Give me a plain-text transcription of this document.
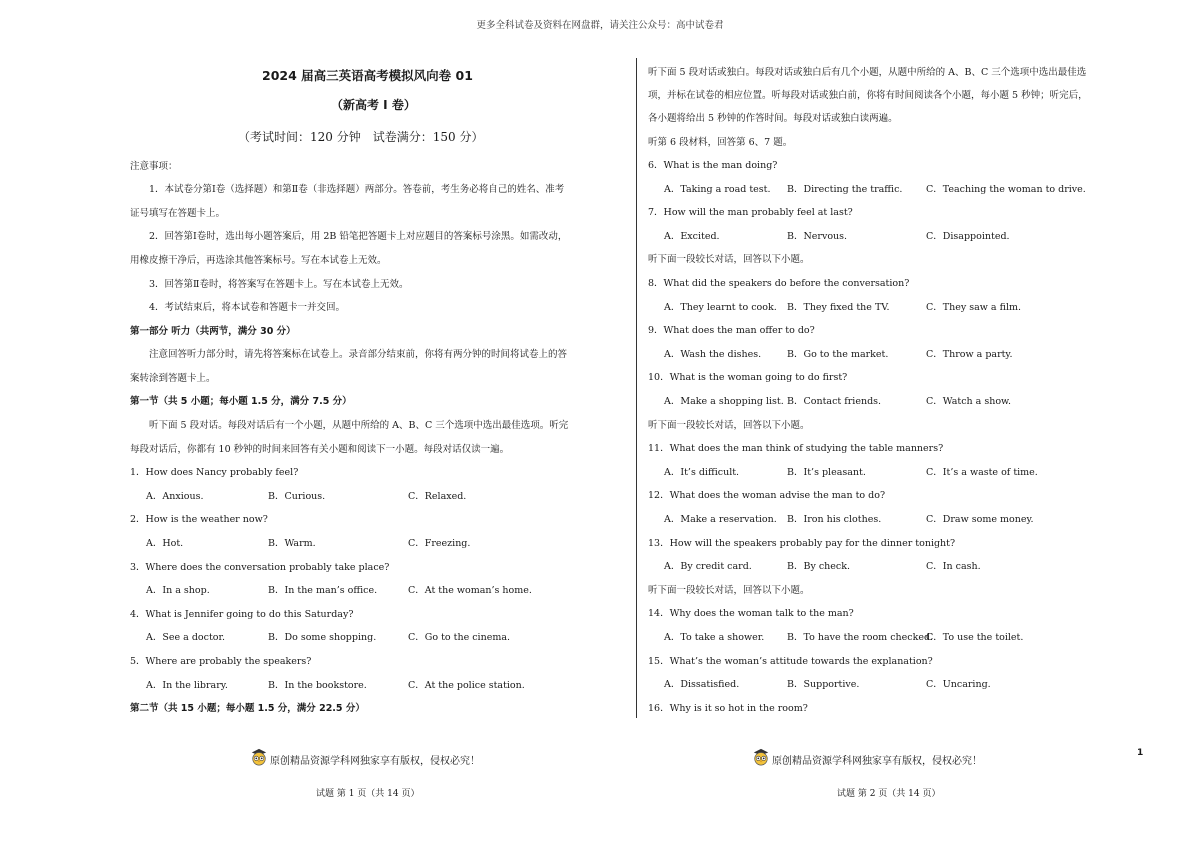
更多全科试卷及资料在网盘群，请关注公众号：高中试卷君
2024 届高三英语高考模拟风向卷 01
（新高考 I 卷）
（考试时间：120 分钟　试卷满分：150 分）
注意事项：
1．本试卷分第Ⅰ卷（选择题）和第Ⅱ卷（非选择题）两部分。答卷前，考生务必将自己的姓名、准考
证号填写在答题卡上。
2．回答第Ⅰ卷时，选出每小题答案后，用 2B 铅笔把答题卡上对应题目的答案标号涂黑。如需改动，
用橡皮擦干净后，再选涂其他答案标号。写在本试卷上无效。
3．回答第Ⅱ卷时，将答案写在答题卡上。写在本试卷上无效。
4．考试结束后，将本试卷和答题卡一并交回。
第一部分 听力（共两节，满分 30 分）
注意回答听力部分时，请先将答案标在试卷上。录音部分结束前，你将有两分钟的时间将试卷上的答
案转涂到答题卡上。
第一节（共 5 小题；每小题 1.5 分，满分 7.5 分）
听下面 5 段对话。每段对话后有一个小题，从题中所给的 A、B、C 三个选项中选出最佳选项。听完
每段对话后，你都有 10 秒钟的时间来回答有关小题和阅读下一小题。每段对话仅读一遍。
1．How does Nancy probably feel?
A．Anxious.	B．Curious.	C．Relaxed.
2．How is the weather now?
A．Hot.	B．Warm.	C．Freezing.
3．Where does the conversation probably take place?
A．In a shop.	B．In the man’s office.	C．At the woman’s home.
4．What is Jennifer going to do this Saturday?
A．See a doctor.	B．Do some shopping.	C．Go to the cinema.
5．Where are probably the speakers?
A．In the library.	B．In the bookstore.	C．At the police station.
第二节（共 15 小题；每小题 1.5 分，满分 22.5 分）
原创精品资源学科网独家享有版权，侵权必究！
试题 第 1 页（共 14 页）
听下面 5 段对话或独白。每段对话或独白后有几个小题，从题中所给的 A、B、C 三个选项中选出最佳选
项，并标在试卷的相应位置。听每段对话或独白前，你将有时间阅读各个小题，每小题 5 秒钟；听完后，
各小题将给出 5 秒钟的作答时间。每段对话或独白读两遍。
听第 6 段材料，回答第 6、7 题。
6．What is the man doing?
A．Taking a road test. B．Directing the traffic. C．Teaching the woman to drive.
7．How will the man probably feel at last?
A．Excited.	B．Nervous.	C．Disappointed.
听下面一段较长对话，回答以下小题。
8．What did the speakers do before the conversation?
A．They learnt to cook. B．They fixed the TV.	C．They saw a film.
9．What does the man offer to do?
A．Wash the dishes.	B．Go to the market.	C．Throw a party.
10．What is the woman going to do first?
A．Make a shopping list. B．Contact friends.	C．Watch a show.
听下面一段较长对话，回答以下小题。
11．What does the man think of studying the table manners?
A．It’s difficult.	B．It’s pleasant.	C．It’s a waste of time.
12．What does the woman advise the man to do?
A．Make a reservation. B．Iron his clothes.	C．Draw some money.
13．How will the speakers probably pay for the dinner tonight?
A．By credit card.	B．By check.	C．In cash.
听下面一段较长对话，回答以下小题。
14．Why does the woman talk to the man?
A．To take a shower. B．To have the room checked.
C．To use the toilet.
15．What’s the woman’s attitude towards the explanation?
A．Dissatisfied.	B．Supportive.	C．Uncaring.
16．Why is it so hot in the room?
原创精品资源学科网独家享有版权，侵权必究！
试题 第 2 页（共 14 页）
1
